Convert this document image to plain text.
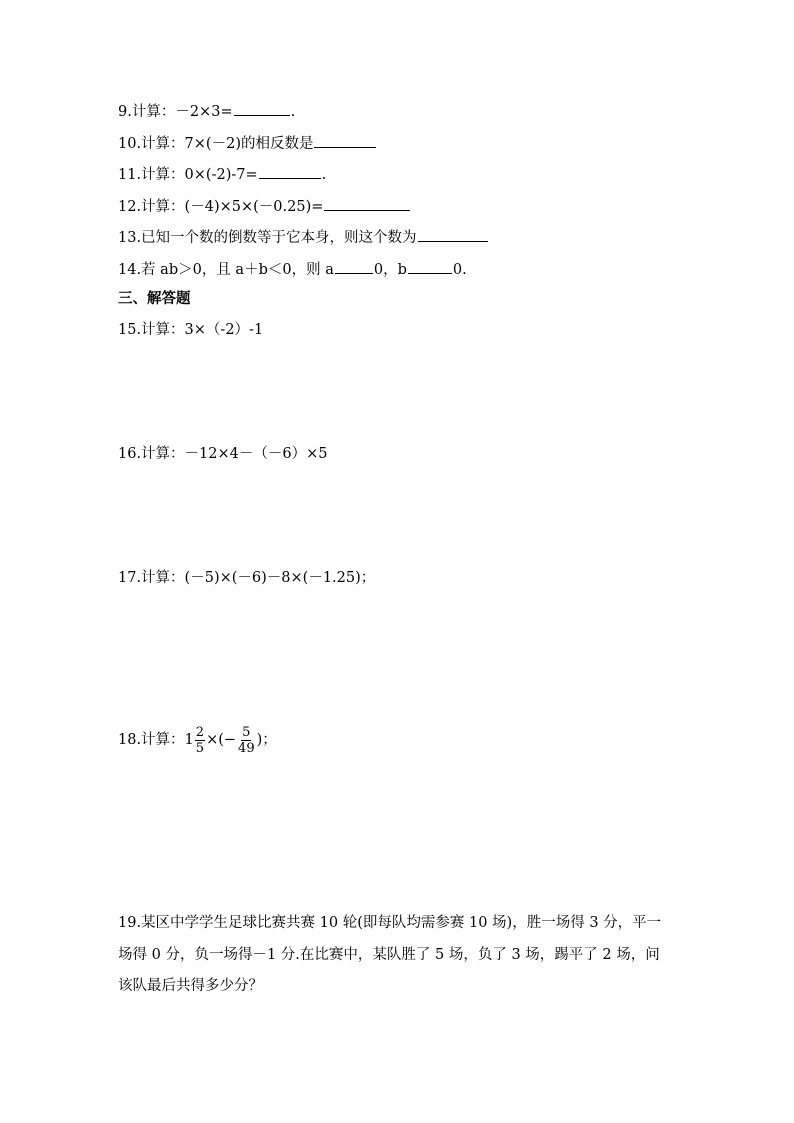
9.计算：－2×3=	.
10.计算：7×(－2)的相反数是
11.计算：0×(-2)-7=	.
12.计算：(－4)×5×(－0.25)=
13.已知一个数的倒数等于它本身，则这个数为
14.若 ab＞0，且 a＋b＜0，则 a	0，b	0.
三、解答题
15.计算：3×（-2）-1
16.计算：－12×4－（－6）×5
17.计算：(－5)×(－6)－8×(－1.25)；
18.计算：$1 \frac{2}{5}$ ×(− $\frac{5}{49}$ )；
19.某区中学学生足球比赛共赛 10 轮(即每队均需参赛 10 场)，胜一场得 3 分，平一
场得 0 分，负一场得－1 分.在比赛中，某队胜了 5 场，负了 3 场，踢平了 2 场，问
该队最后共得多少分？
